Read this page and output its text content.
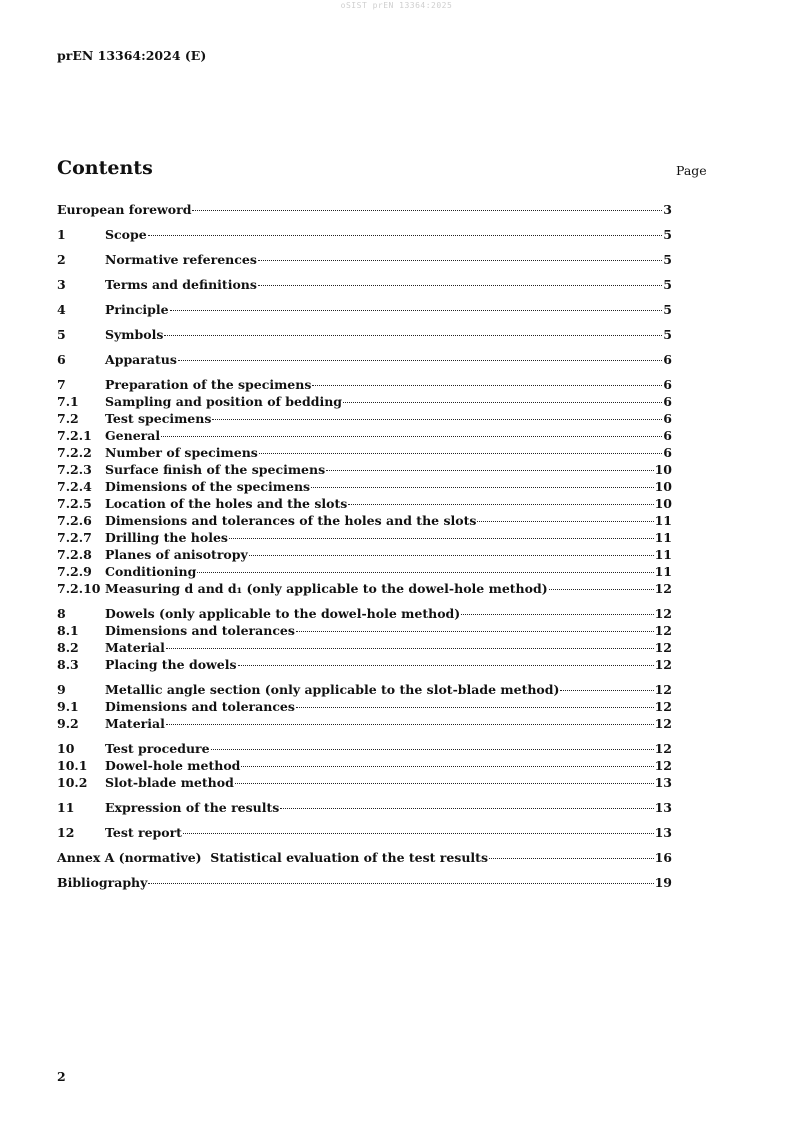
oSIST prEN 13364:2025
prEN 13364:2024 (E)
Contents	Page
European foreword	3
1	Scope	5
2	Normative references	5
3	Terms and definitions	5
4	Principle	5
5	Symbols	5
6	Apparatus	6
7	Preparation of the specimens	6
7.1	Sampling and position of bedding	6
7.2	Test specimens	6
7.2.1	General	6
7.2.2	Number of specimens	6
7.2.3	Surface finish of the specimens	10
7.2.4	Dimensions of the specimens	10
7.2.5	Location of the holes and the slots	10
7.2.6	Dimensions and tolerances of the holes and the slots	11
7.2.7	Drilling the holes	11
7.2.8	Planes of anisotropy	11
7.2.9	Conditioning	11
7.2.10 Measuring d and d₁ (only applicable to the dowel-hole method)	12
8	Dowels (only applicable to the dowel-hole method)	12
8.1	Dimensions and tolerances	12
8.2	Material	12
8.3	Placing the dowels	12
9	Metallic angle section (only applicable to the slot-blade method)	12
9.1	Dimensions and tolerances	12
9.2	Material	12
10	Test procedure	12
10.1	Dowel-hole method	12
10.2	Slot-blade method	13
11	Expression of the results	13
12	Test report	13
Annex A (normative)  Statistical evaluation of the test results	16
Bibliography	19
2
